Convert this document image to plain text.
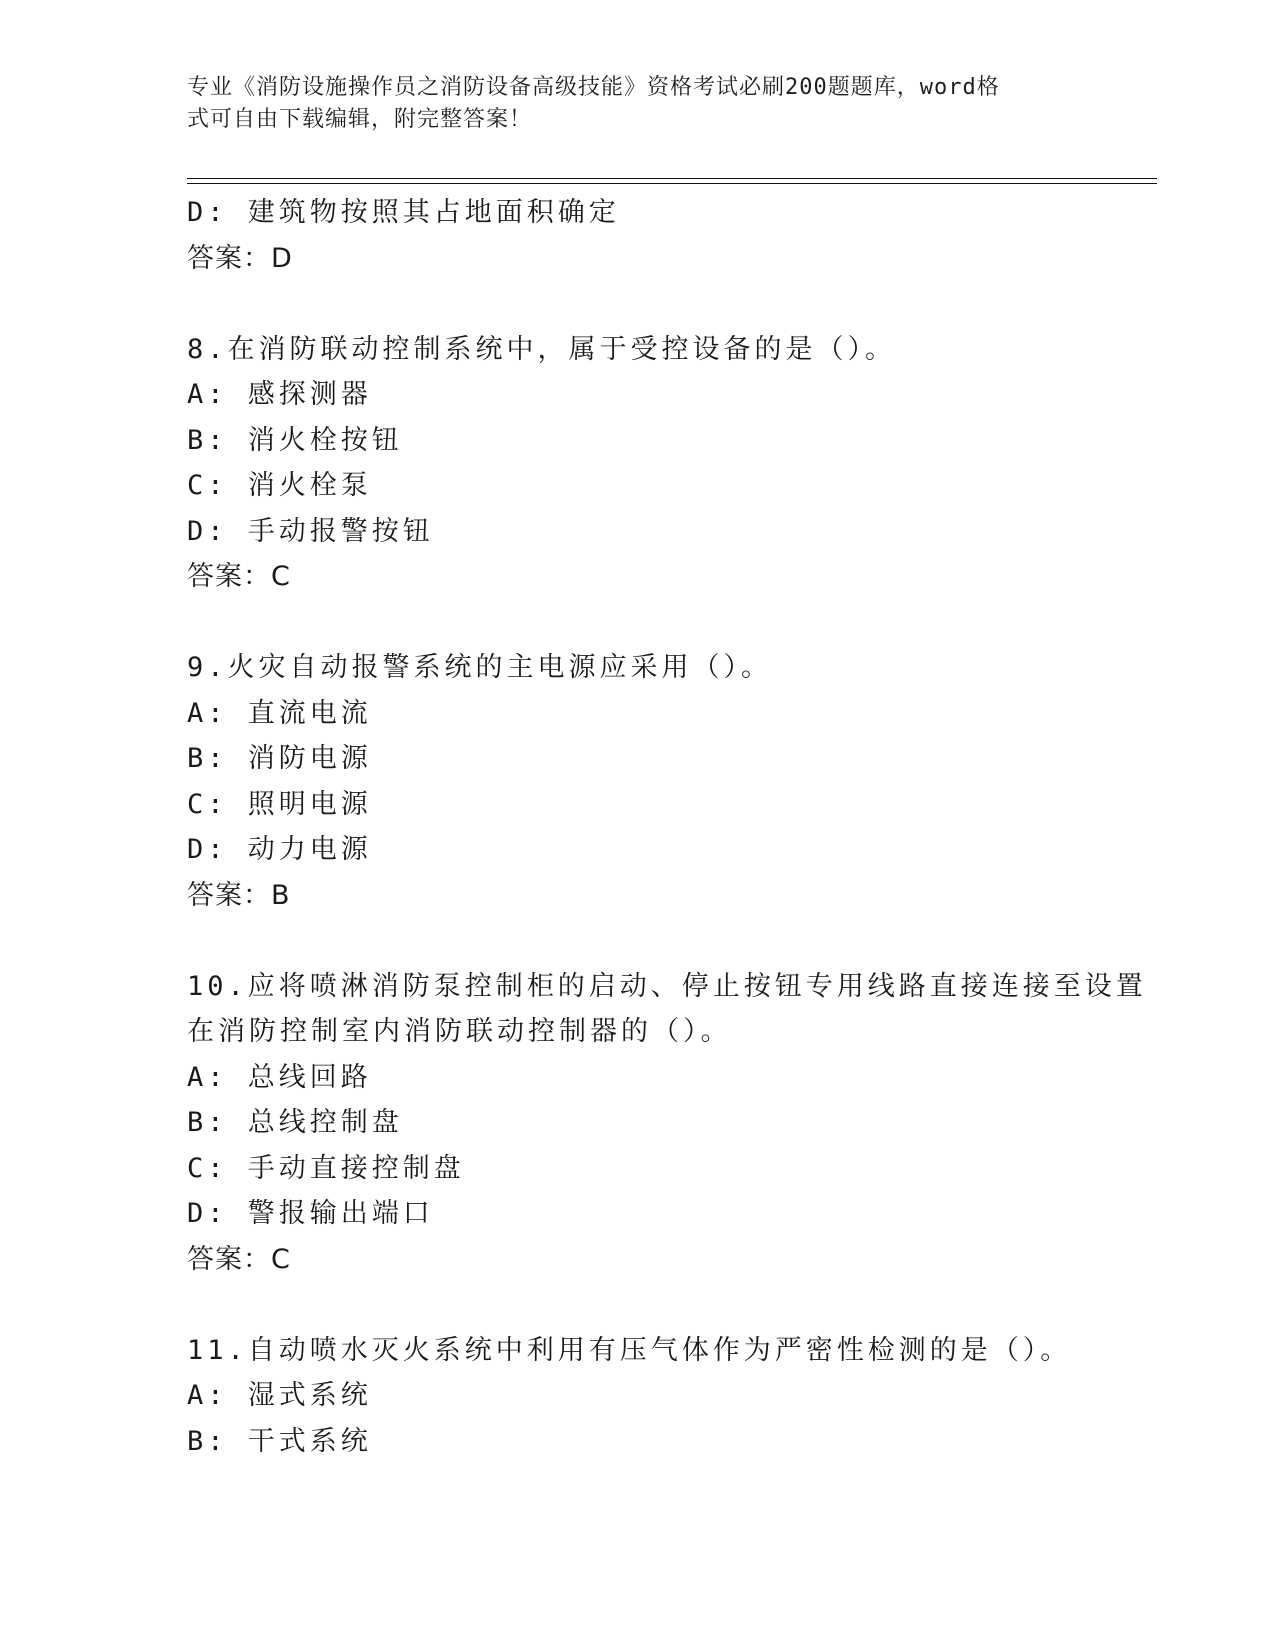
专业《消防设施操作员之消防设备高级技能》资格考试必刷200题题库，word格
式可自由下载编辑，附完整答案！
D: 建筑物按照其占地面积确定
答案：D
8.在消防联动控制系统中，属于受控设备的是（）。
A: 感探测器
B: 消火栓按钮
C: 消火栓泵
D: 手动报警按钮
答案：C
9.火灾自动报警系统的主电源应采用（）。
A: 直流电流
B: 消防电源
C: 照明电源
D: 动力电源
答案：B
10.应将喷淋消防泵控制柜的启动、停止按钮专用线路直接连接至设置
在消防控制室内消防联动控制器的（）。
A: 总线回路
B: 总线控制盘
C: 手动直接控制盘
D: 警报输出端口
答案：C
11.自动喷水灭火系统中利用有压气体作为严密性检测的是（）。
A: 湿式系统
B: 干式系统
